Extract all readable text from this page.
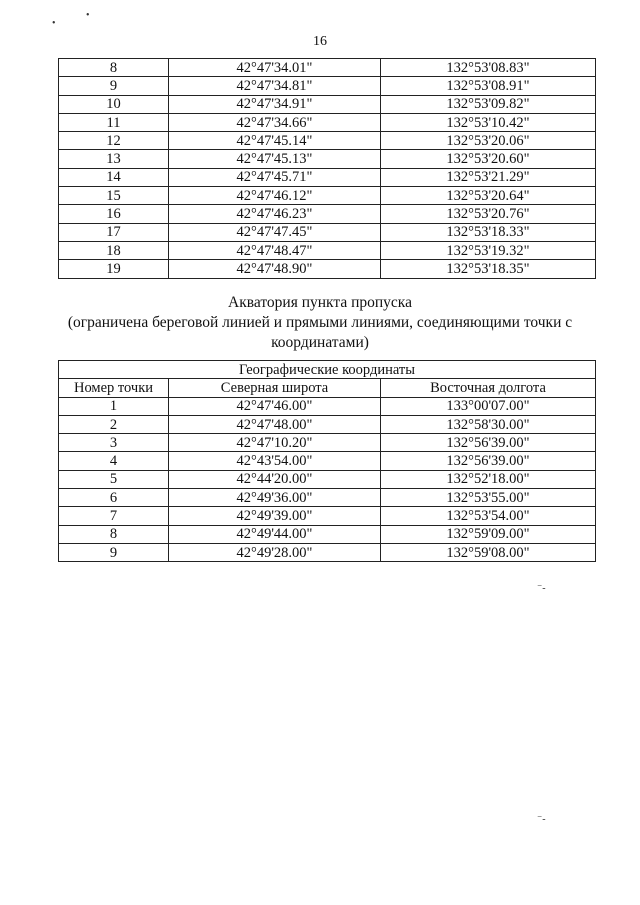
16
•
•
8	42°47'34.01"	132°53'08.83"
9	42°47'34.81"	132°53'08.91"
10	42°47'34.91"	132°53'09.82"
11	42°47'34.66"	132°53'10.42"
12	42°47'45.14"	132°53'20.06"
13	42°47'45.13"	132°53'20.60"
14	42°47'45.71"	132°53'21.29"
15	42°47'46.12"	132°53'20.64"
16	42°47'46.23"	132°53'20.76"
17	42°47'47.45"	132°53'18.33"
18	42°47'48.47"	132°53'19.32"
19	42°47'48.90"	132°53'18.35"
Акватория пункта пропуска
(ограничена береговой линией и прямыми линиями, соединяющими точки с
координатами)
Географические координаты		
Номер точки	Северная широта	Восточная долгота
1	42°47'46.00"	133°00'07.00"
2	42°47'48.00"	132°58'30.00"
3	42°47'10.20"	132°56'39.00"
4	42°43'54.00"	132°56'39.00"
5	42°44'20.00"	132°52'18.00"
6	42°49'36.00"	132°53'55.00"
7	42°49'39.00"	132°53'54.00"
8	42°49'44.00"	132°59'09.00"
9	42°49'28.00"	132°59'08.00"
⁻‐
⁻‐
